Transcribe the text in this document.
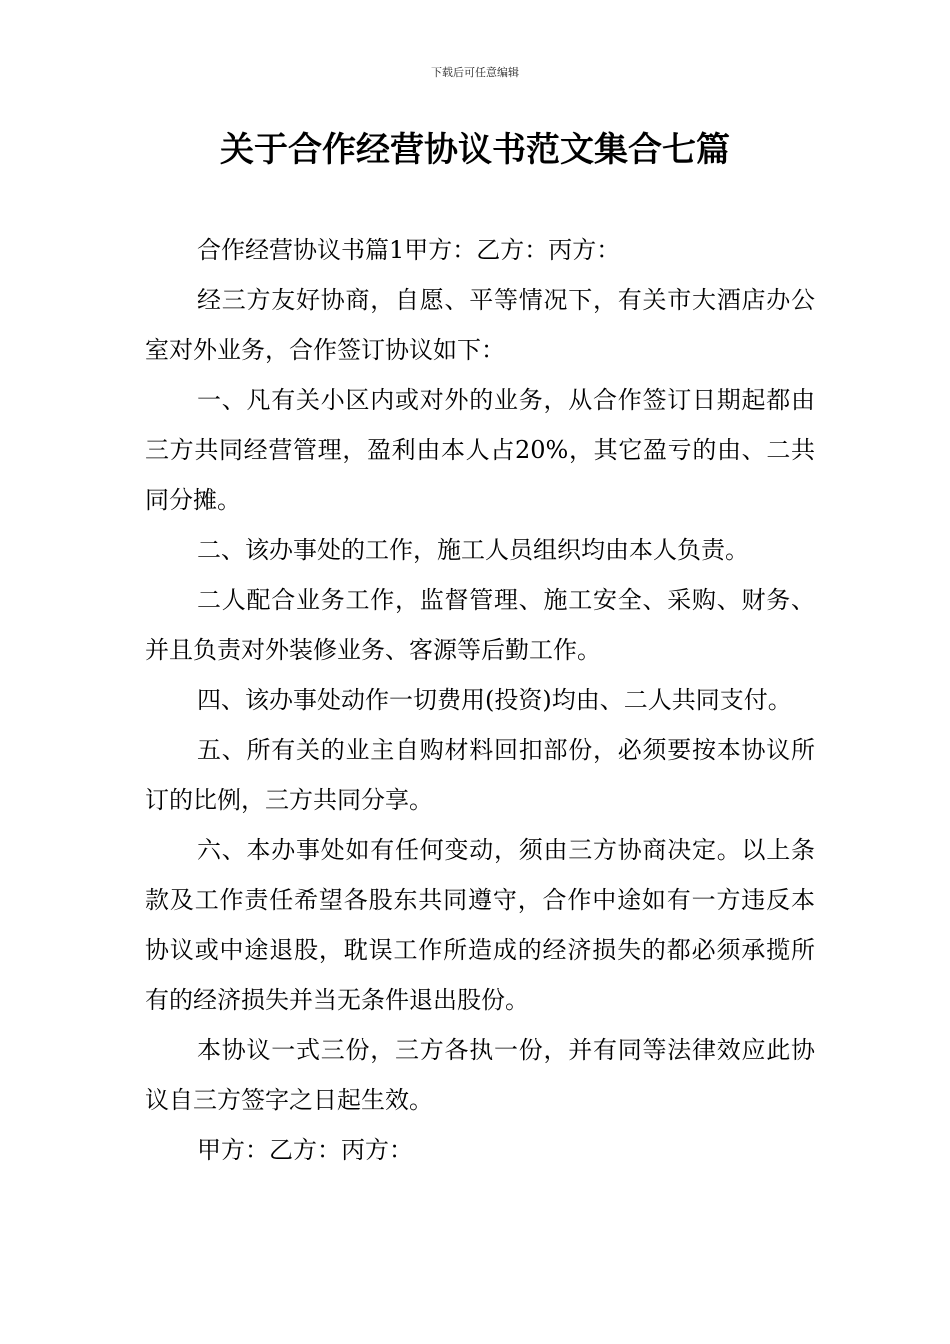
下载后可任意编辑
关于合作经营协议书范文集合七篇

合作经营协议书篇1甲方：乙方：丙方：

经三方友好协商，自愿、平等情况下，有关市大酒店办公室对外业务，合作签订协议如下：

一、凡有关小区内或对外的业务，从合作签订日期起都由三方共同经营管理，盈利由本人占20%，其它盈亏的由、二共同分摊。

二、该办事处的工作，施工人员组织均由本人负责。

二人配合业务工作，监督管理、施工安全、采购、财务、并且负责对外装修业务、客源等后勤工作。

四、该办事处动作一切费用(投资)均由、二人共同支付。

五、所有关的业主自购材料回扣部份，必须要按本协议所订的比例，三方共同分享。

六、本办事处如有任何变动，须由三方协商决定。以上条款及工作责任希望各股东共同遵守，合作中途如有一方违反本协议或中途退股，耽误工作所造成的经济损失的都必须承揽所有的经济损失并当无条件退出股份。

本协议一式三份，三方各执一份，并有同等法律效应此协议自三方签字之日起生效。

甲方：乙方：丙方：
